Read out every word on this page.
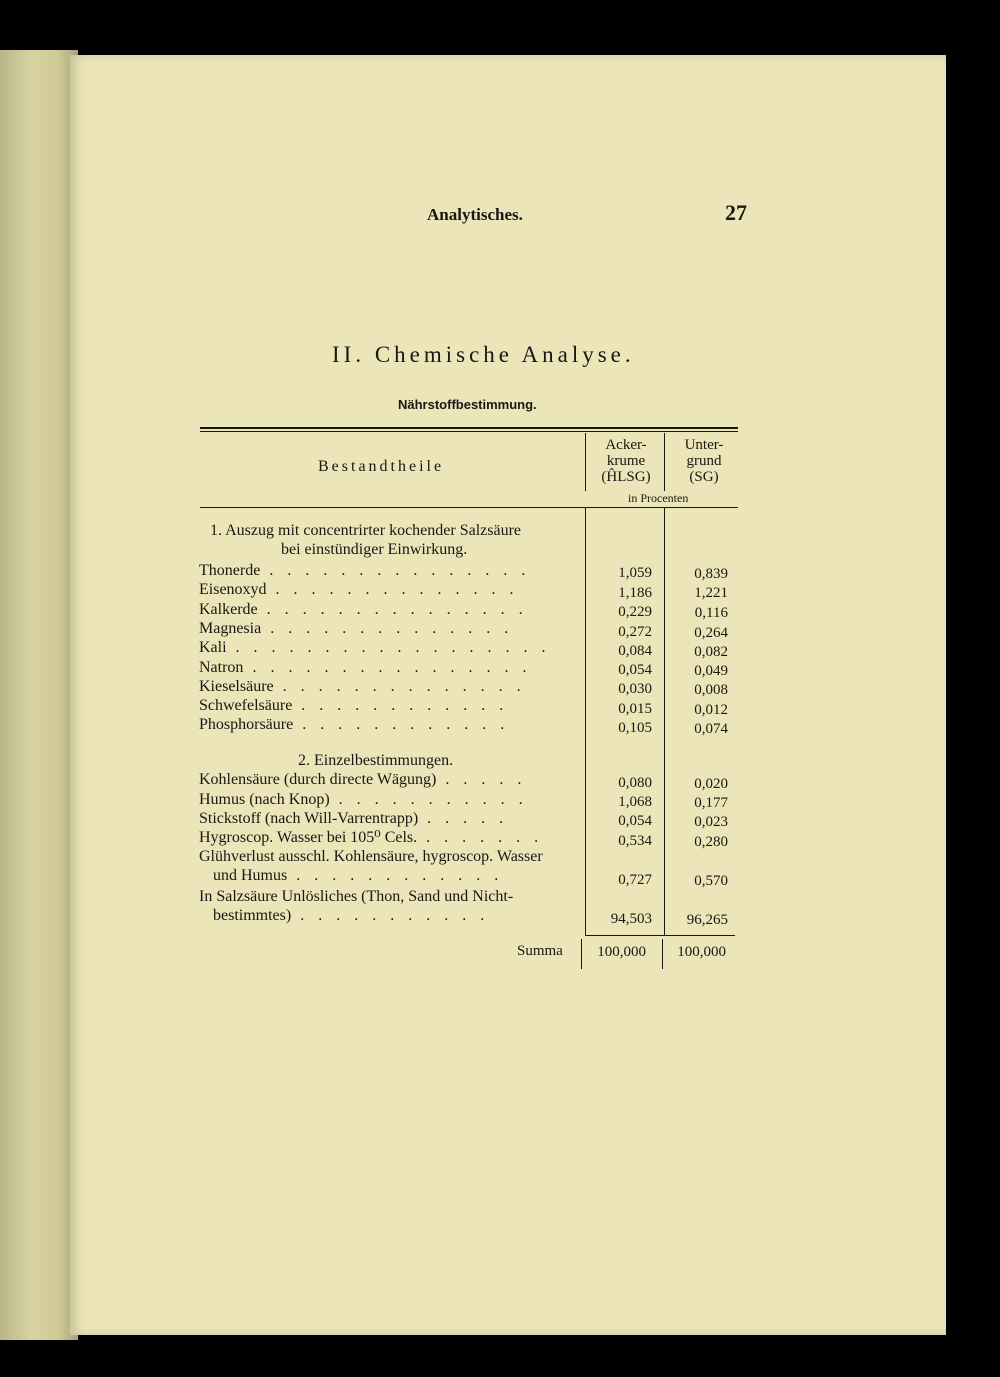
Analytisches.	27
II. Chemische Analyse.
Nährstoffbestimmung.
Bestandtheile
Acker-
krume
(ĤLSG)
Unter-
grund
(SG)
in Procenten
1. Auszug mit concentrirter kochender Salzsäure
bei einstündiger Einwirkung.
Thonerde . . . . . . . . . . . . . . .	1,059	0,839
Eisenoxyd . . . . . . . . . . . . . .	1,186	1,221
Kalkerde . . . . . . . . . . . . . . .	0,229	0,116
Magnesia . . . . . . . . . . . . . .	0,272	0,264
Kali . . . . . . . . . . . . . . . . . .	0,084	0,082
Natron . . . . . . . . . . . . . . . .	0,054	0,049
Kieselsäure . . . . . . . . . . . . . .	0,030	0,008
Schwefelsäure . . . . . . . . . . . .	0,015	0,012
Phosphorsäure . . . . . . . . . . . .	0,105	0,074
2. Einzelbestimmungen.
Kohlensäure (durch directe Wägung) . . . . .	0,080	0,020
Humus (nach Knop) . . . . . . . . . . .	1,068	0,177
Stickstoff (nach Will-Varrentrapp) . . . . .	0,054	0,023
Hygroscop. Wasser bei 105⁰ Cels. . . . . . . .	0,534	0,280
Glühverlust ausschl. Kohlensäure, hygroscop. Wasser
und Humus . . . . . . . . . . . .	0,727	0,570
In Salzsäure Unlösliches (Thon, Sand und Nicht-
bestimmtes) . . . . . . . . . . .	94,503	96,265
Summa	100,000	100,000
